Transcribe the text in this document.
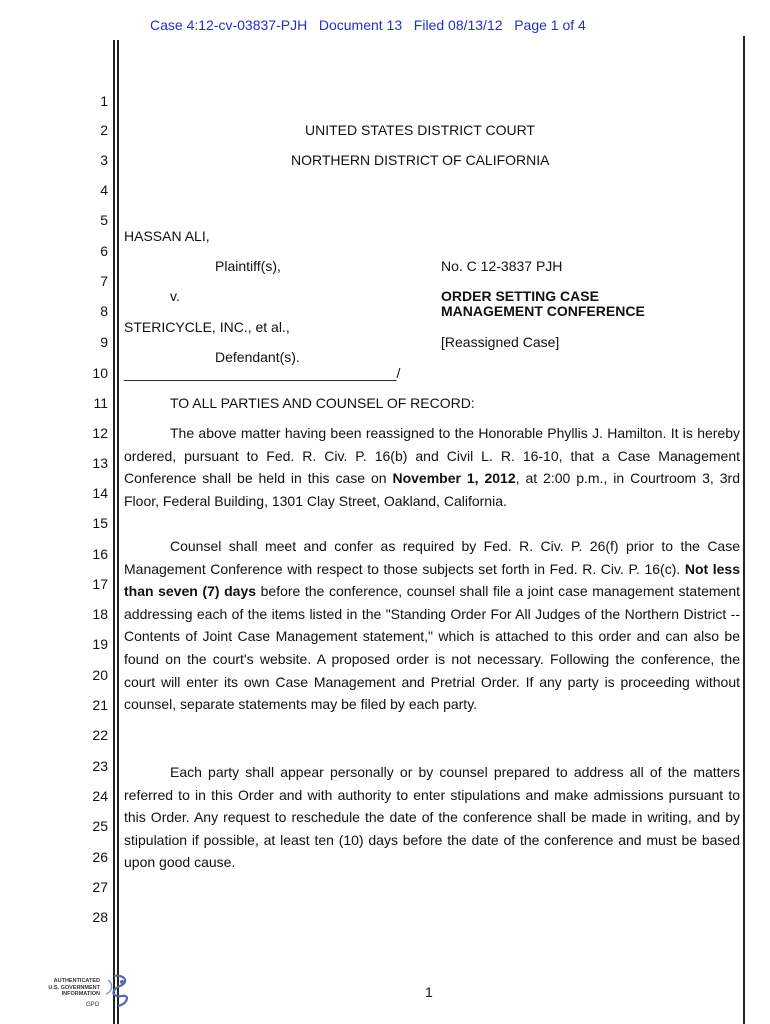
Case 4:12-cv-03837-PJH   Document 13   Filed 08/13/12   Page 1 of 4
1
2
3
4
5
6
7
8
9
10
11
12
13
14
15
16
17
18
19
20
21
22
23
24
25
26
27
28
UNITED STATES DISTRICT COURT
NORTHERN DISTRICT OF CALIFORNIA
HASSAN ALI,
Plaintiff(s),
v.
STERICYCLE, INC., et al.,
Defendant(s).
___________________________________/
No. C 12-3837 PJH
ORDER SETTING CASE
MANAGEMENT CONFERENCE
[Reassigned Case]
TO ALL PARTIES AND COUNSEL OF RECORD:
The above matter having been reassigned to the Honorable Phyllis J. Hamilton. It is hereby ordered, pursuant to Fed. R. Civ. P. 16(b) and Civil L. R. 16-10, that a Case Management Conference shall be held in this case on November 1, 2012, at 2:00 p.m., in Courtroom 3, 3rd Floor, Federal Building, 1301 Clay Street, Oakland, California.
Counsel shall meet and confer as required by Fed. R. Civ. P. 26(f) prior to the Case Management Conference with respect to those subjects set forth in Fed. R. Civ. P. 16(c). Not less than seven (7) days before the conference, counsel shall file a joint case management statement addressing each of the items listed in the "Standing Order For All Judges of the Northern District -- Contents of Joint Case Management statement," which is attached to this order and can also be found on the court's website. A proposed order is not necessary. Following the conference, the court will enter its own Case Management and Pretrial Order. If any party is proceeding without counsel, separate statements may be filed by each party.
Each party shall appear personally or by counsel prepared to address all of the matters referred to in this Order and with authority to enter stipulations and make admissions pursuant to this Order. Any request to reschedule the date of the conference shall be made in writing, and by stipulation if possible, at least ten (10) days before the date of the conference and must be based upon good cause.
1
AUTHENTICATED
U.S. GOVERNMENT
INFORMATION
GPO
